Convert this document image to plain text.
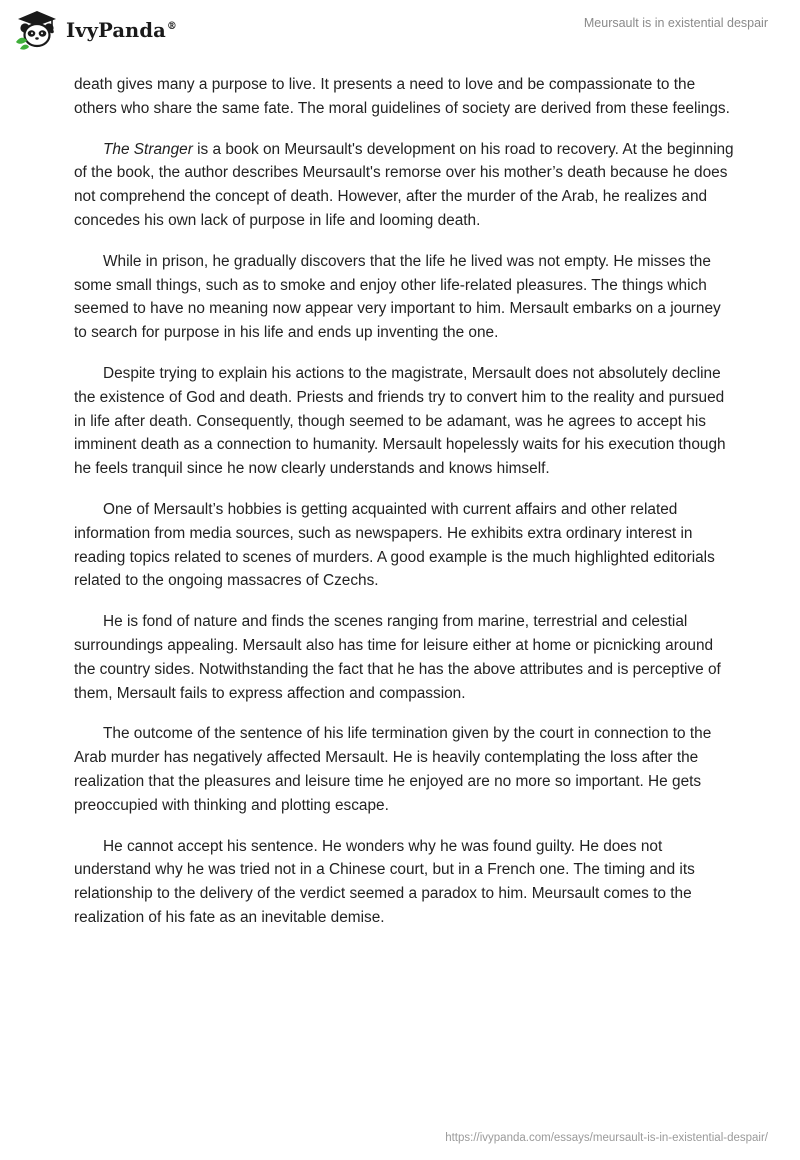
IvyPanda®	Meursault is in existential despair

death gives many a purpose to live. It presents a need to love and be compassionate to the others who share the same fate. The moral guidelines of society are derived from these feelings.

The Stranger is a book on Meursault's development on his road to recovery. At the beginning of the book, the author describes Meursault's remorse over his mother’s death because he does not comprehend the concept of death. However, after the murder of the Arab, he realizes and concedes his own lack of purpose in life and looming death.

While in prison, he gradually discovers that the life he lived was not empty. He misses the some small things, such as to smoke and enjoy other life-related pleasures. The things which seemed to have no meaning now appear very important to him. Mersault embarks on a journey to search for purpose in his life and ends up inventing the one.

Despite trying to explain his actions to the magistrate, Mersault does not absolutely decline the existence of God and death. Priests and friends try to convert him to the reality and pursued in life after death. Consequently, though seemed to be adamant, was he agrees to accept his imminent death as a connection to humanity. Mersault hopelessly waits for his execution though he feels tranquil since he now clearly understands and knows himself.

One of Mersault’s hobbies is getting acquainted with current affairs and other related information from media sources, such as newspapers. He exhibits extra ordinary interest in reading topics related to scenes of murders. A good example is the much highlighted editorials related to the ongoing massacres of Czechs.

He is fond of nature and finds the scenes ranging from marine, terrestrial and celestial surroundings appealing. Mersault also has time for leisure either at home or picnicking around the country sides. Notwithstanding the fact that he has the above attributes and is perceptive of them, Mersault fails to express affection and compassion.

The outcome of the sentence of his life termination given by the court in connection to the Arab murder has negatively affected Mersault. He is heavily contemplating the loss after the realization that the pleasures and leisure time he enjoyed are no more so important. He gets preoccupied with thinking and plotting escape.

He cannot accept his sentence. He wonders why he was found guilty. He does not understand why he was tried not in a Chinese court, but in a French one. The timing and its relationship to the delivery of the verdict seemed a paradox to him. Meursault comes to the realization of his fate as an inevitable demise.

https://ivypanda.com/essays/meursault-is-in-existential-despair/
